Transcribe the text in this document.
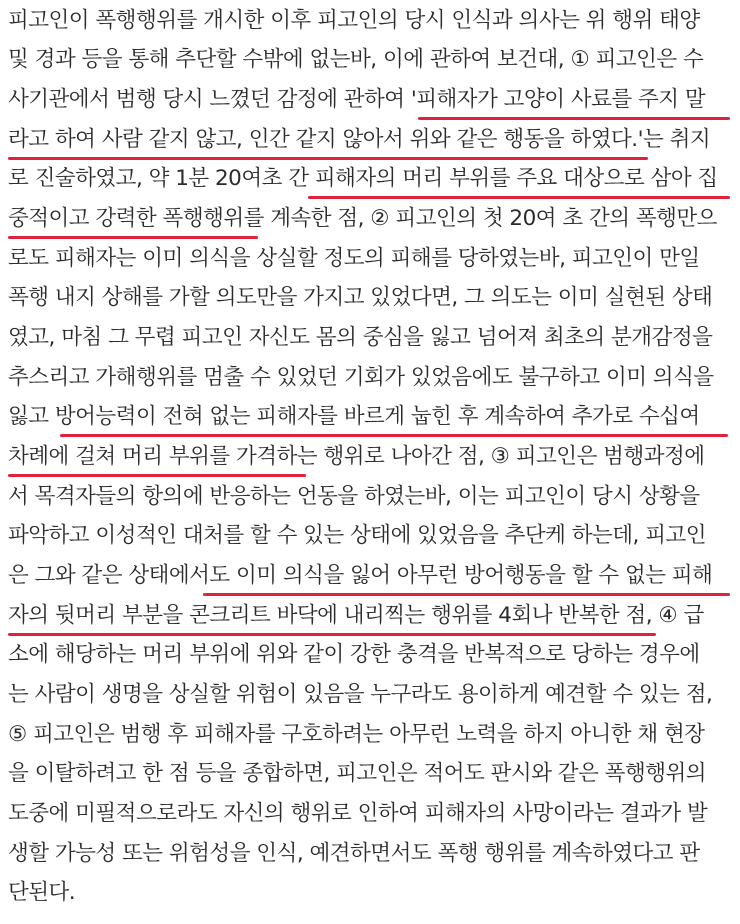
피고인이 폭행행위를 개시한 이후 피고인의 당시 인식과 의사는 위 행위 태양
및 경과 등을 통해 추단할 수밖에 없는바, 이에 관하여 보건대, ① 피고인은 수
사기관에서 범행 당시 느꼈던 감정에 관하여 '피해자가 고양이 사료를 주지 말
라고 하여 사람 같지 않고, 인간 같지 않아서 위와 같은 행동을 하였다.'는 취지
로 진술하였고, 약 1분 20여초 간 피해자의 머리 부위를 주요 대상으로 삼아 집
중적이고 강력한 폭행행위를 계속한 점, ② 피고인의 첫 20여 초 간의 폭행만으
로도 피해자는 이미 의식을 상실할 정도의 피해를 당하였는바, 피고인이 만일
폭행 내지 상해를 가할 의도만을 가지고 있었다면, 그 의도는 이미 실현된 상태
였고, 마침 그 무렵 피고인 자신도 몸의 중심을 잃고 넘어져 최초의 분개감정을
추스리고 가해행위를 멈출 수 있었던 기회가 있었음에도 불구하고 이미 의식을
잃고 방어능력이 전혀 없는 피해자를 바르게 눕힌 후 계속하여 추가로 수십여
차례에 걸쳐 머리 부위를 가격하는 행위로 나아간 점, ③ 피고인은 범행과정에
서 목격자들의 항의에 반응하는 언동을 하였는바, 이는 피고인이 당시 상황을
파악하고 이성적인 대처를 할 수 있는 상태에 있었음을 추단케 하는데, 피고인
은 그와 같은 상태에서도 이미 의식을 잃어 아무런 방어행동을 할 수 없는 피해
자의 뒷머리 부분을 콘크리트 바닥에 내리찍는 행위를 4회나 반복한 점, ④ 급
소에 해당하는 머리 부위에 위와 같이 강한 충격을 반복적으로 당하는 경우에
는 사람이 생명을 상실할 위험이 있음을 누구라도 용이하게 예견할 수 있는 점,
⑤ 피고인은 범행 후 피해자를 구호하려는 아무런 노력을 하지 아니한 채 현장
을 이탈하려고 한 점 등을 종합하면, 피고인은 적어도 판시와 같은 폭행행위의
도중에 미필적으로라도 자신의 행위로 인하여 피해자의 사망이라는 결과가 발
생할 가능성 또는 위험성을 인식, 예견하면서도 폭행 행위를 계속하였다고 판
단된다.
